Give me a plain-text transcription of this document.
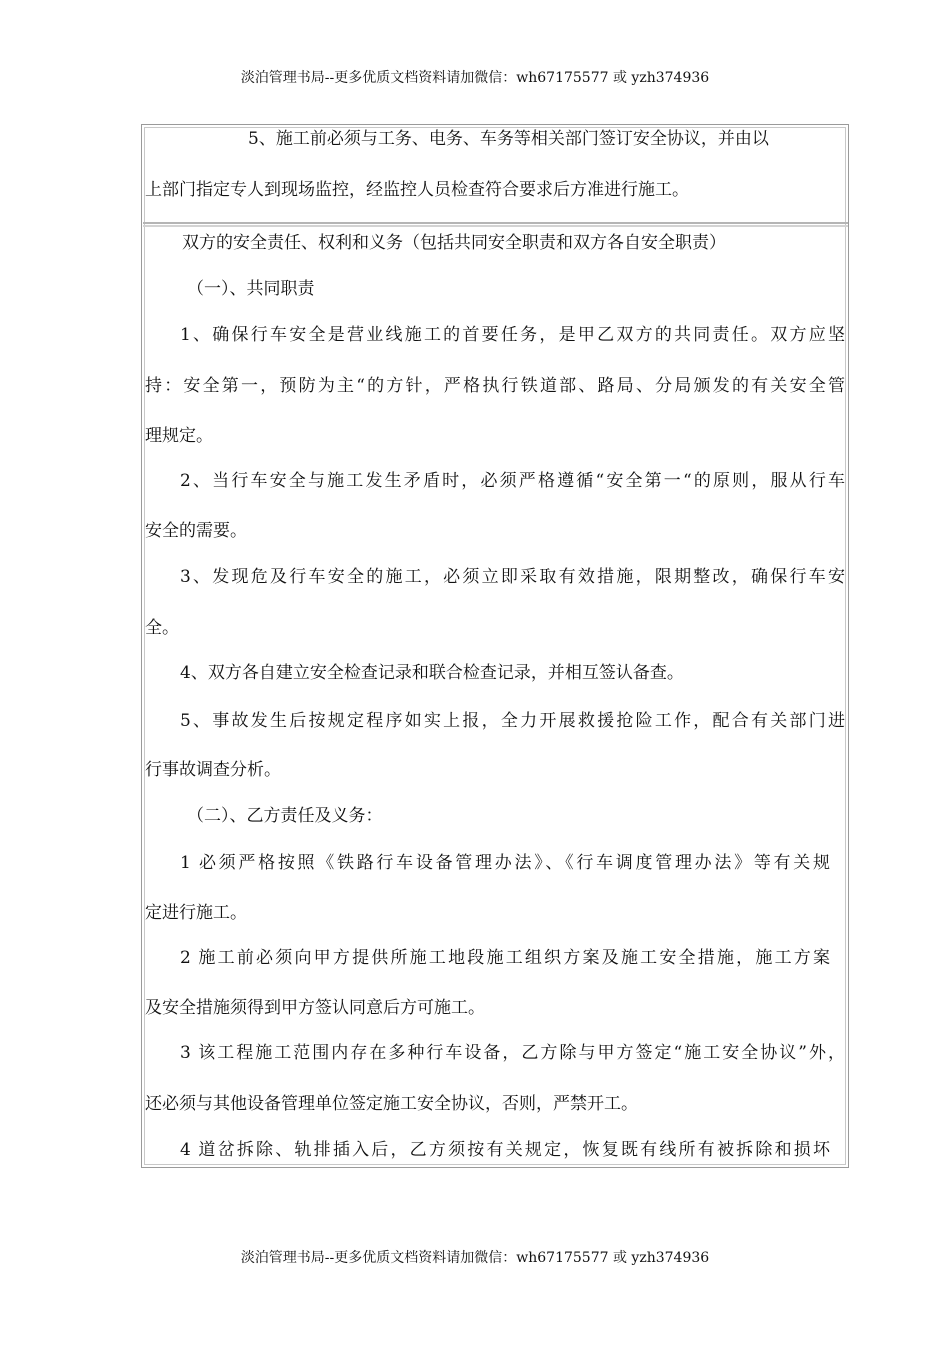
淡泊管理书局--更多优质文档资料请加微信：wh67175577 或 yzh374936
5、施工前必须与工务、电务、车务等相关部门签订安全协议，并由以
上部门指定专人到现场监控，经监控人员检查符合要求后方准进行施工。
双方的安全责任、权利和义务（包括共同安全职责和双方各自安全职责）
（一）、共同职责
1、确保行车安全是营业线施工的首要任务，是甲乙双方的共同责任。双方应坚
持：安全第一，预防为主“的方针，严格执行铁道部、路局、分局颁发的有关安全管
理规定。
2、当行车安全与施工发生矛盾时，必须严格遵循“安全第一“的原则，服从行车
安全的需要。
3、发现危及行车安全的施工，必须立即采取有效措施，限期整改，确保行车安
全。
4、双方各自建立安全检查记录和联合检查记录，并相互签认备查。
5、事故发生后按规定程序如实上报，全力开展救援抢险工作，配合有关部门进
行事故调查分析。
（二）、乙方责任及义务：
1 必须严格按照《铁路行车设备管理办法》、《行车调度管理办法》等有关规
定进行施工。
2 施工前必须向甲方提供所施工地段施工组织方案及施工安全措施，施工方案
及安全措施须得到甲方签认同意后方可施工。
3 该工程施工范围内存在多种行车设备，乙方除与甲方签定“施工安全协议”外，
还必须与其他设备管理单位签定施工安全协议，否则，严禁开工。
4 道岔拆除、轨排插入后，乙方须按有关规定，恢复既有线所有被拆除和损坏
淡泊管理书局--更多优质文档资料请加微信：wh67175577 或 yzh374936
